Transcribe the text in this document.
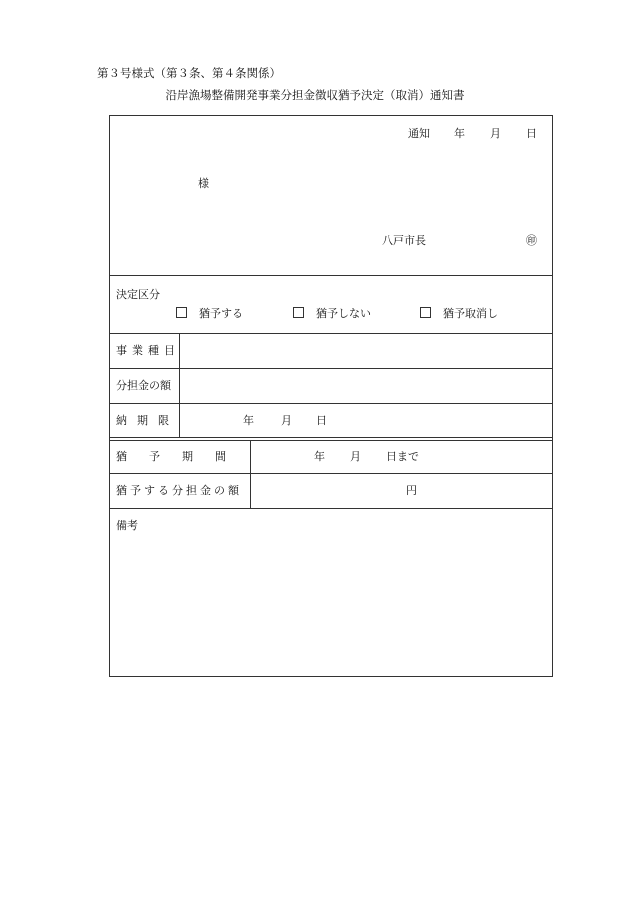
第３号様式（第３条、第４条関係）
沿岸漁場整備開発事業分担金徴収猶予決定（取消）通知書
通知 年 月 日
様
八戸市長	㊞
決定区分
猶予する	猶予しない	猶予取消し
事業種目
分担金の額
納期限	年 月 日
猶予期間	年 月 日まで
猶予する分担金の額	円
備考
